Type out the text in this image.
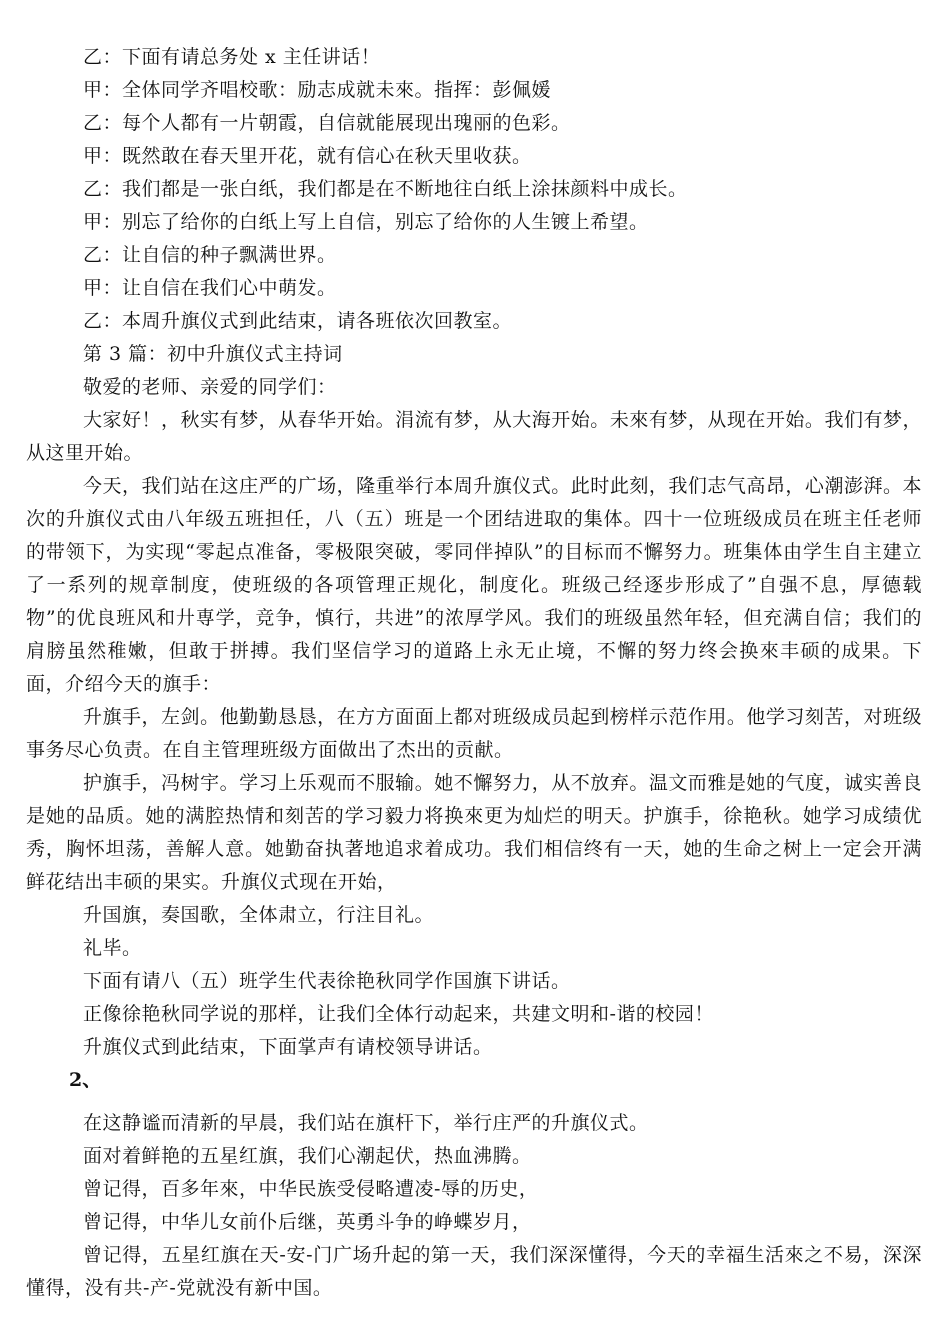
乙：下面有请总务处 x 主任讲话！
甲：全体同学齐唱校歌：励志成就未來。指挥：彭佩媛
乙：每个人都有一片朝霞，自信就能展现出瑰丽的色彩。
甲：既然敢在春天里开花，就有信心在秋天里收获。
乙：我们都是一张白纸，我们都是在不断地往白纸上涂抹颜料中成长。
甲：别忘了给你的白纸上写上自信，别忘了给你的人生镀上希望。
乙：让自信的种子飘满世界。
甲：让自信在我们心中萌发。
乙：本周升旗仪式到此结束，请各班依次回教室。
第 3 篇：初中升旗仪式主持词
敬爱的老师、亲爱的同学们：
大家好！，秋实有梦，从春华开始。涓流有梦，从大海开始。未來有梦，从现在开始。我们有梦，从这里开始。
今天，我们站在这庄严的广场，隆重举行本周升旗仪式。此时此刻，我们志气高昂，心潮澎湃。本次的升旗仪式由八年级五班担任，八（五）班是一个团结进取的集体。四十一位班级成员在班主任老师的带领下，为实现“零起点准备，零极限突破，零同伴掉队”的目标而不懈努力。班集体由学生自主建立了一系列的规章制度，使班级的各项管理正规化，制度化。班级己经逐步形成了”自强不息，厚德载物”的优良班风和廾専学，竞争，慎行，共进”的浓厚学风。我们的班级虽然年轻，但充满自信；我们的肩膀虽然稚嫩，但敢于拼搏。我们坚信学习的道路上永无止境，不懈的努力终会换來丰硕的成果。下面，介绍今天的旗手：
升旗手，左剑。他勤勤恳恳，在方方面面上都对班级成员起到榜样示范作用。他学习刻苦，对班级事务尽心负责。在自主管理班级方面做出了杰出的贡献。
护旗手，冯树宇。学习上乐观而不服输。她不懈努力，从不放弃。温文而雅是她的气度，诚实善良是她的品质。她的满腔热情和刻苦的学习毅力将换來更为灿烂的明天。护旗手，徐艳秋。她学习成绩优秀，胸怀坦荡，善解人意。她勤奋执著地追求着成功。我们相信终有一天，她的生命之树上一定会开满鲜花结出丰硕的果实。升旗仪式现在开始，
升国旗，奏国歌，全体肃立，行注目礼。
礼毕。
下面有请八（五）班学生代表徐艳秋同学作国旗下讲话。
正像徐艳秋同学说的那样，让我们全体行动起来，共建文明和-谐的校园！
升旗仪式到此结束，下面掌声有请校领导讲话。
2、
在这静谧而清新的早晨，我们站在旗杆下，举行庄严的升旗仪式。
面对着鲜艳的五星红旗，我们心潮起伏，热血沸腾。
曾记得，百多年來，中华民族受侵略遭凌-辱的历史，
曾记得，中华儿女前仆后继，英勇斗争的峥蝶岁月，
曾记得，五星红旗在天-安-门广场升起的第一天，我们深深懂得，今天的幸福生活來之不易，深深懂得，没有共-产-党就没有新中国。
